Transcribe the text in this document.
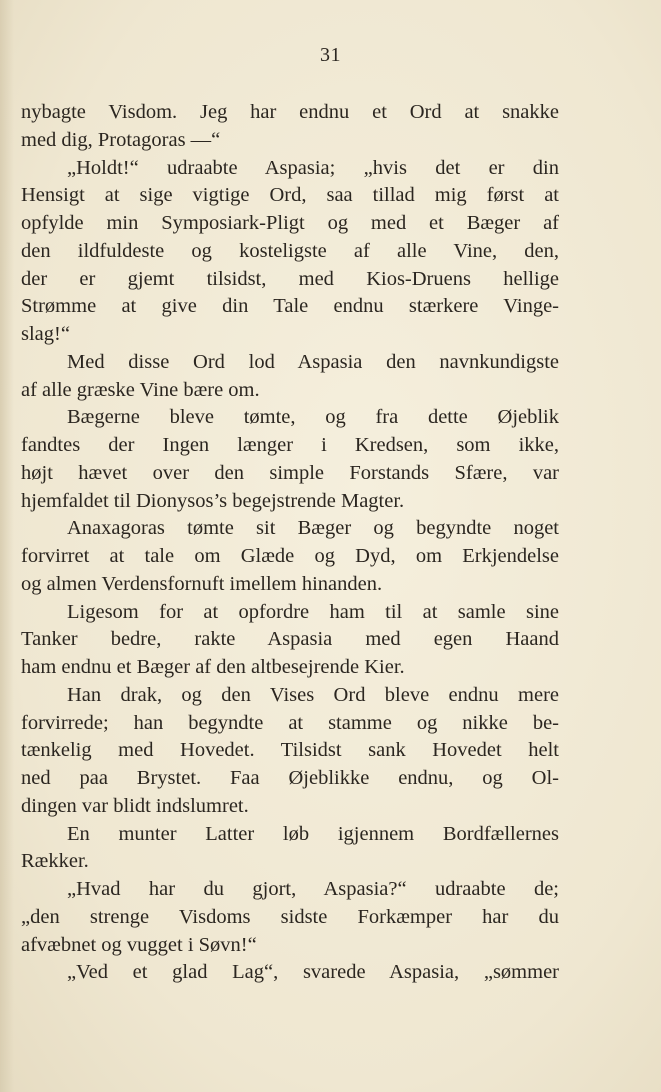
31
nybagte Visdom. Jeg har endnu et Ord at snakke
med dig, Protagoras —“
„Holdt!“ udraabte Aspasia; „hvis det er din
Hensigt at sige vigtige Ord, saa tillad mig først at
opfylde min Symposiark-Pligt og med et Bæger af
den ildfuldeste og kosteligste af alle Vine, den,
der er gjemt tilsidst, med Kios-Druens hellige
Strømme at give din Tale endnu stærkere Vinge-
slag!“
Med disse Ord lod Aspasia den navnkundigste
af alle græske Vine bære om.
Bægerne bleve tømte, og fra dette Øjeblik
fandtes der Ingen længer i Kredsen, som ikke,
højt hævet over den simple Forstands Sfære, var
hjemfaldet til Dionysos’s begejstrende Magter.
Anaxagoras tømte sit Bæger og begyndte noget
forvirret at tale om Glæde og Dyd, om Erkjendelse
og almen Verdensfornuft imellem hinanden.
Ligesom for at opfordre ham til at samle sine
Tanker bedre, rakte Aspasia med egen Haand
ham endnu et Bæger af den altbesejrende Kier.
Han drak, og den Vises Ord bleve endnu mere
forvirrede; han begyndte at stamme og nikke be-
tænkelig med Hovedet. Tilsidst sank Hovedet helt
ned paa Brystet. Faa Øjeblikke endnu, og Ol-
dingen var blidt indslumret.
En munter Latter løb igjennem Bordfællernes
Rækker.
„Hvad har du gjort, Aspasia?“ udraabte de;
„den strenge Visdoms sidste Forkæmper har du
afvæbnet og vugget i Søvn!“
„Ved et glad Lag“, svarede Aspasia, „sømmer
